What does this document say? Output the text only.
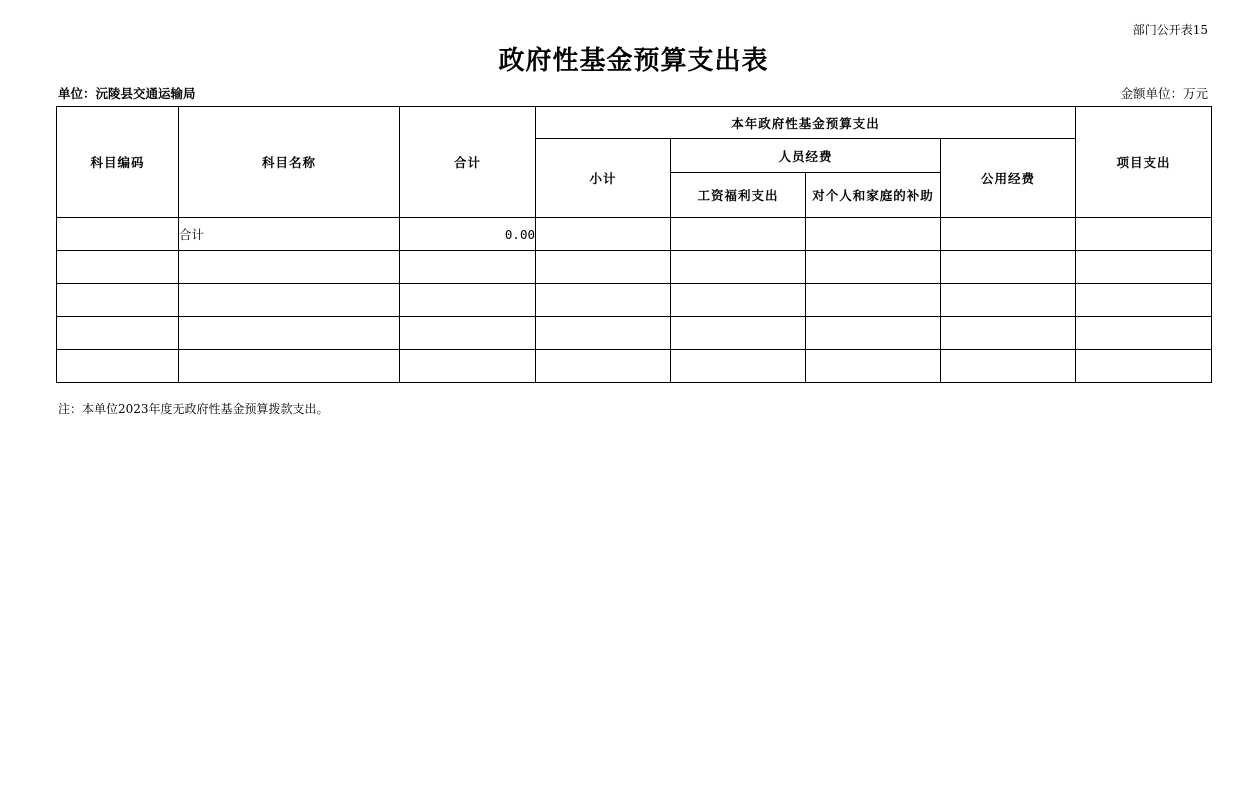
部门公开表15
政府性基金预算支出表
单位：沅陵县交通运输局	金额单位：万元
科目编码	科目名称	合计	本年政府性基金预算支出				项目支出
			小计	人员经费		公用经费	
				工资福利支出	对个人和家庭的补助		
	合计	0.00					

注：本单位2023年度无政府性基金预算拨款支出。
